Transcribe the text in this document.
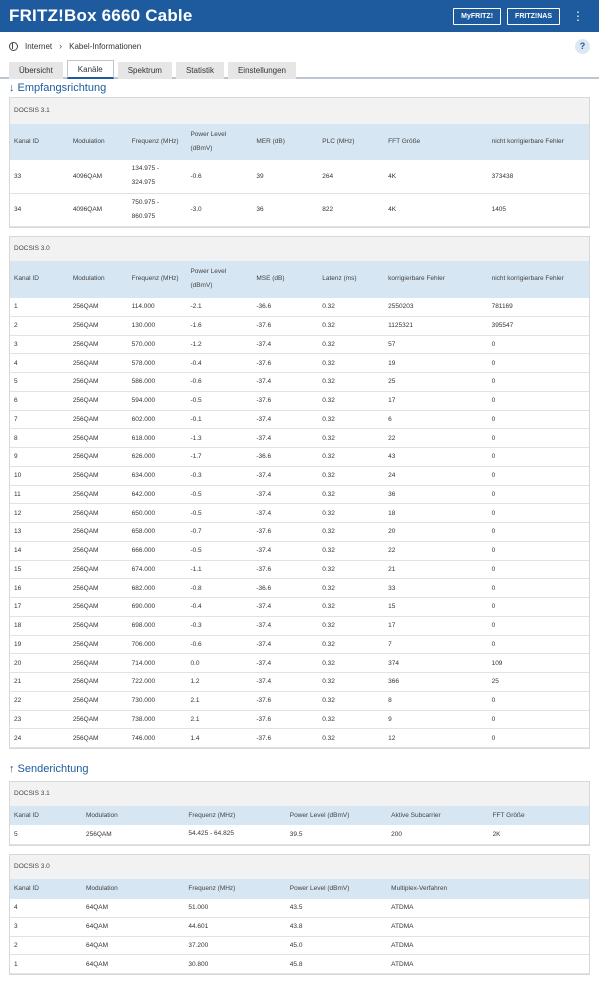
FRITZ!Box 6660 Cable	MyFRITZ!	FRITZ!NAS	⋮
Internet › Kabel-Informationen	?
Übersicht	Kanäle	Spektrum	Statistik	Einstellungen
↓ Empfangsrichtung
DOCSIS 3.1
Kanal ID	Modulation	Frequenz (MHz)	Power Level (dBmV)	MER (dB)	PLC (MHz)	FFT Größe	nicht korrigierbare Fehler
33	4096QAM	134.975 - 324.975	-0.6	39	264	4K	373438
34	4096QAM	750.975 - 860.975	-3.0	36	822	4K	1405
DOCSIS 3.0
Kanal ID	Modulation	Frequenz (MHz)	Power Level (dBmV)	MSE (dB)	Latenz (ms)	korrigierbare Fehler	nicht korrigierbare Fehler
1	256QAM	114.000	-2.1	-36.6	0.32	2550203	781169
2	256QAM	130.000	-1.6	-37.6	0.32	1125321	395547
3	256QAM	570.000	-1.2	-37.4	0.32	57	0
4	256QAM	578.000	-0.4	-37.6	0.32	19	0
5	256QAM	586.000	-0.6	-37.4	0.32	25	0
6	256QAM	594.000	-0.5	-37.6	0.32	17	0
7	256QAM	602.000	-0.1	-37.4	0.32	6	0
8	256QAM	618.000	-1.3	-37.4	0.32	22	0
9	256QAM	626.000	-1.7	-36.6	0.32	43	0
10	256QAM	634.000	-0.3	-37.4	0.32	24	0
11	256QAM	642.000	-0.5	-37.4	0.32	36	0
12	256QAM	650.000	-0.5	-37.4	0.32	18	0
13	256QAM	658.000	-0.7	-37.6	0.32	20	0
14	256QAM	666.000	-0.5	-37.4	0.32	22	0
15	256QAM	674.000	-1.1	-37.6	0.32	21	0
16	256QAM	682.000	-0.8	-36.6	0.32	33	0
17	256QAM	690.000	-0.4	-37.4	0.32	15	0
18	256QAM	698.000	-0.3	-37.4	0.32	17	0
19	256QAM	706.000	-0.6	-37.4	0.32	7	0
20	256QAM	714.000	0.0	-37.4	0.32	374	109
21	256QAM	722.000	1.2	-37.4	0.32	366	25
22	256QAM	730.000	2.1	-37.6	0.32	8	0
23	256QAM	738.000	2.1	-37.6	0.32	9	0
24	256QAM	746.000	1.4	-37.6	0.32	12	0
↑ Senderichtung
DOCSIS 3.1
Kanal ID	Modulation	Frequenz (MHz)	Power Level (dBmV)	Aktive Subcarrier	FFT Größe
5	256QAM	54.425 - 64.825	39.5	200	2K
DOCSIS 3.0
Kanal ID	Modulation	Frequenz (MHz)	Power Level (dBmV)	Multiplex-Verfahren
4	64QAM	51.000	43.5	ATDMA
3	64QAM	44.601	43.8	ATDMA
2	64QAM	37.200	45.0	ATDMA
1	64QAM	30.800	45.8	ATDMA
